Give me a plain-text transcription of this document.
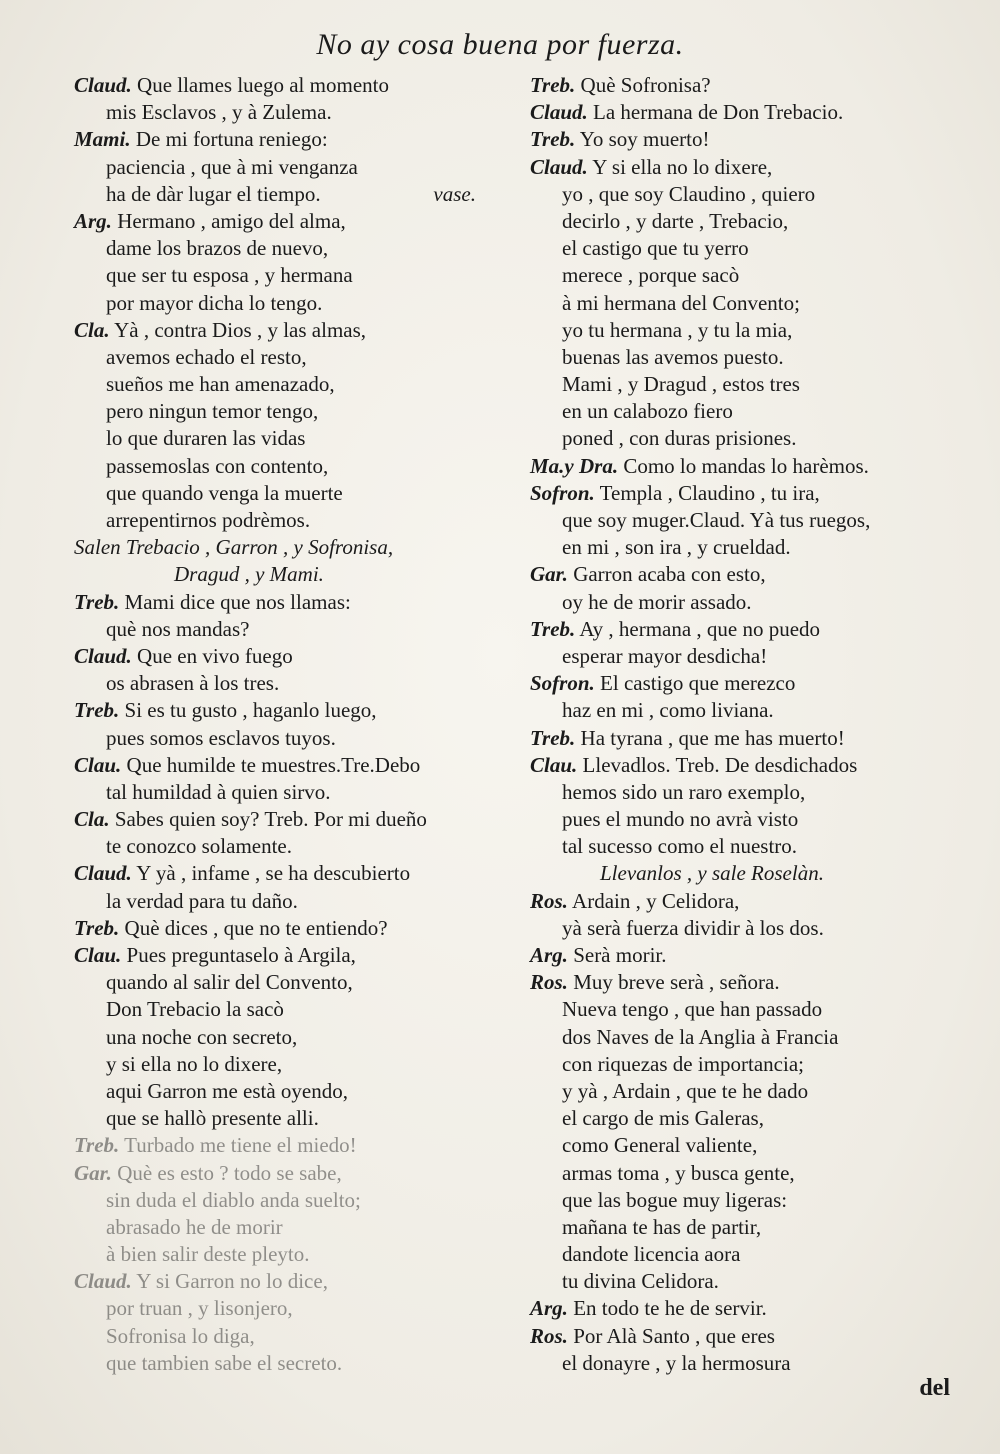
No ay cosa buena por fuerza.
Claud. Que llames luego al momento
mis Esclavos , y à Zulema.
Mami. De mi fortuna reniego:
paciencia , que à mi venganza
vase.
ha de dàr lugar el tiempo.
Arg. Hermano , amigo del alma,
dame los brazos de nuevo,
que ser tu esposa , y hermana
por mayor dicha lo tengo.
Cla. Yà , contra Dios , y las almas,
avemos echado el resto,
sueños me han amenazado,
pero ningun temor tengo,
lo que duraren las vidas
passemoslas con contento,
que quando venga la muerte
arrepentirnos podrèmos.
Salen Trebacio , Garron , y Sofronisa,
Dragud , y Mami.
Treb. Mami dice que nos llamas:
què nos mandas?
Claud. Que en vivo fuego
os abrasen à los tres.
Treb. Si es tu gusto , haganlo luego,
pues somos esclavos tuyos.
Clau. Que humilde te muestres.Tre.Debo
tal humildad à quien sirvo.
Cla. Sabes quien soy? Treb. Por mi dueño
te conozco solamente.
Claud. Y yà , infame , se ha descubierto
la verdad para tu daño.
Treb. Què dices , que no te entiendo?
Clau. Pues preguntaselo à Argila,
quando al salir del Convento,
Don Trebacio la sacò
una noche con secreto,
y si ella no lo dixere,
aqui Garron me està oyendo,
que se hallò presente alli.
Treb. Turbado me tiene el miedo!
Gar. Què es esto ? todo se sabe,
sin duda el diablo anda suelto;
abrasado he de morir
à bien salir deste pleyto.
Claud. Y si Garron no lo dice,
por truan , y lisonjero,
Sofronisa lo diga,
que tambien sabe el secreto.
Treb. Què Sofronisa?
Claud. La hermana de Don Trebacio.
Treb. Yo soy muerto!
Claud. Y si ella no lo dixere,
yo , que soy Claudino , quiero
decirlo , y darte , Trebacio,
el castigo que tu yerro
merece , porque sacò
à mi hermana del Convento;
yo tu hermana , y tu la mia,
buenas las avemos puesto.
Mami , y Dragud , estos tres
en un calabozo fiero
poned , con duras prisiones.
Ma.y Dra. Como lo mandas lo harèmos.
Sofron. Templa , Claudino , tu ira,
que soy muger.Claud. Yà tus ruegos,
en mi , son ira , y crueldad.
Gar. Garron acaba con esto,
oy he de morir assado.
Treb. Ay , hermana , que no puedo
esperar mayor desdicha!
Sofron. El castigo que merezco
haz en mi , como liviana.
Treb. Ha tyrana , que me has muerto!
Clau. Llevadlos. Treb. De desdichados
hemos sido un raro exemplo,
pues el mundo no avrà visto
tal sucesso como el nuestro.
Llevanlos , y sale Roselàn.
Ros. Ardain , y Celidora,
yà serà fuerza dividir à los dos.
Arg. Serà morir.
Ros. Muy breve serà , señora.
Nueva tengo , que han passado
dos Naves de la Anglia à Francia
con riquezas de importancia;
y yà , Ardain , que te he dado
el cargo de mis Galeras,
como General valiente,
armas toma , y busca gente,
que las bogue muy ligeras:
mañana te has de partir,
dandote licencia aora
tu divina Celidora.
Arg. En todo te he de servir.
Ros. Por Alà Santo , que eres
el donayre , y la hermosura
del
